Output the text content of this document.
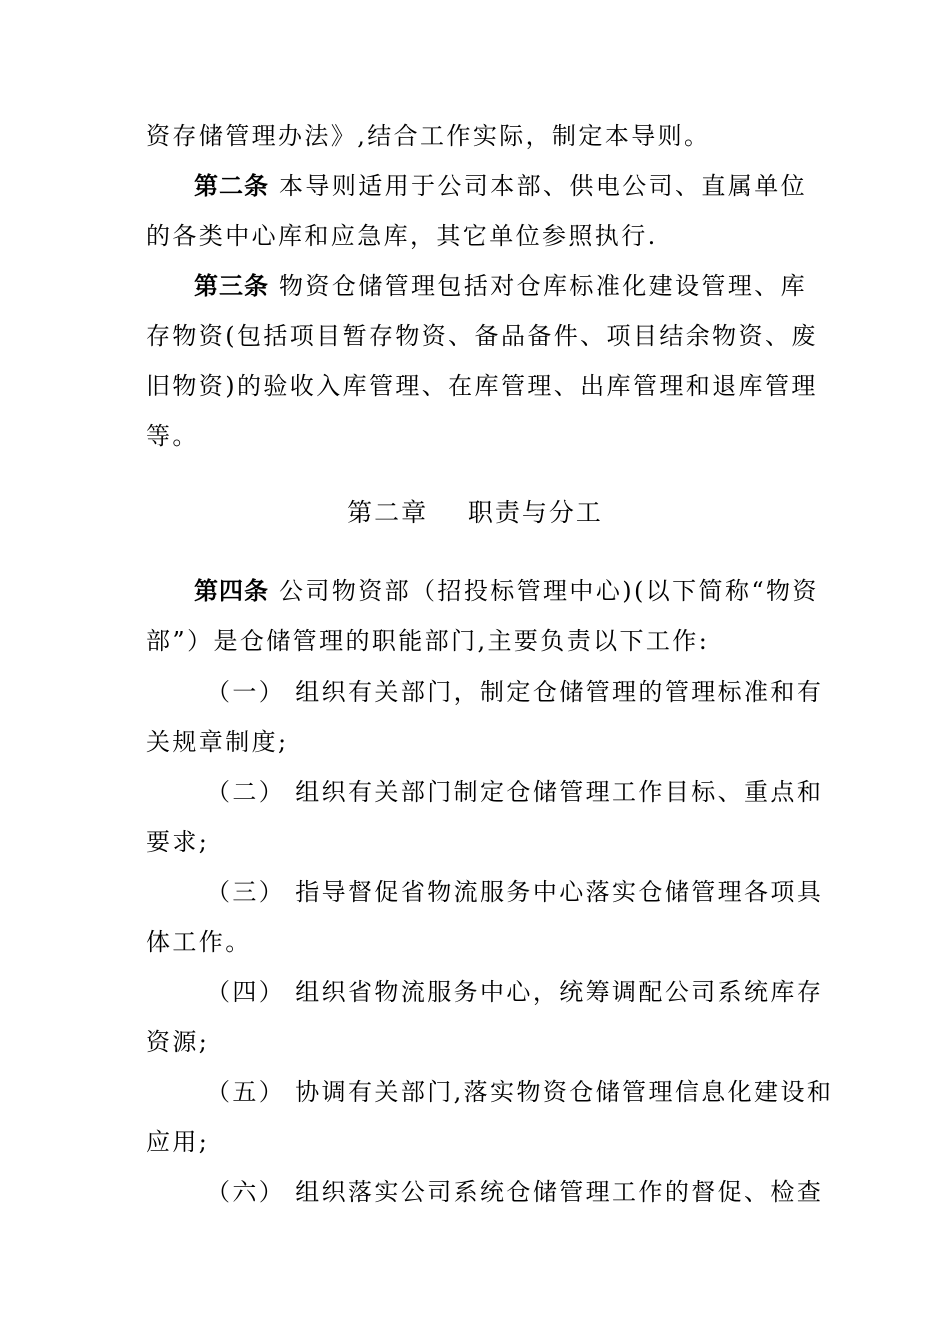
资存储管理办法》,结合工作实际，制定本导则。
第二条 本导则适用于公司本部、供电公司、直属单位
的各类中心库和应急库，其它单位参照执行.
第三条 物资仓储管理包括对仓库标准化建设管理、库
存物资(包括项目暂存物资、备品备件、项目结余物资、废
旧物资)的验收入库管理、在库管理、出库管理和退库管理
等。
第二章    职责与分工
第四条 公司物资部（招投标管理中心)(以下简称“物资
部”）是仓储管理的职能部门,主要负责以下工作:
（一） 组织有关部门，制定仓储管理的管理标准和有
关规章制度;
（二） 组织有关部门制定仓储管理工作目标、重点和
要求;
（三） 指导督促省物流服务中心落实仓储管理各项具
体工作。
（四） 组织省物流服务中心，统筹调配公司系统库存
资源;
（五） 协调有关部门,落实物资仓储管理信息化建设和
应用;
（六） 组织落实公司系统仓储管理工作的督促、检查
